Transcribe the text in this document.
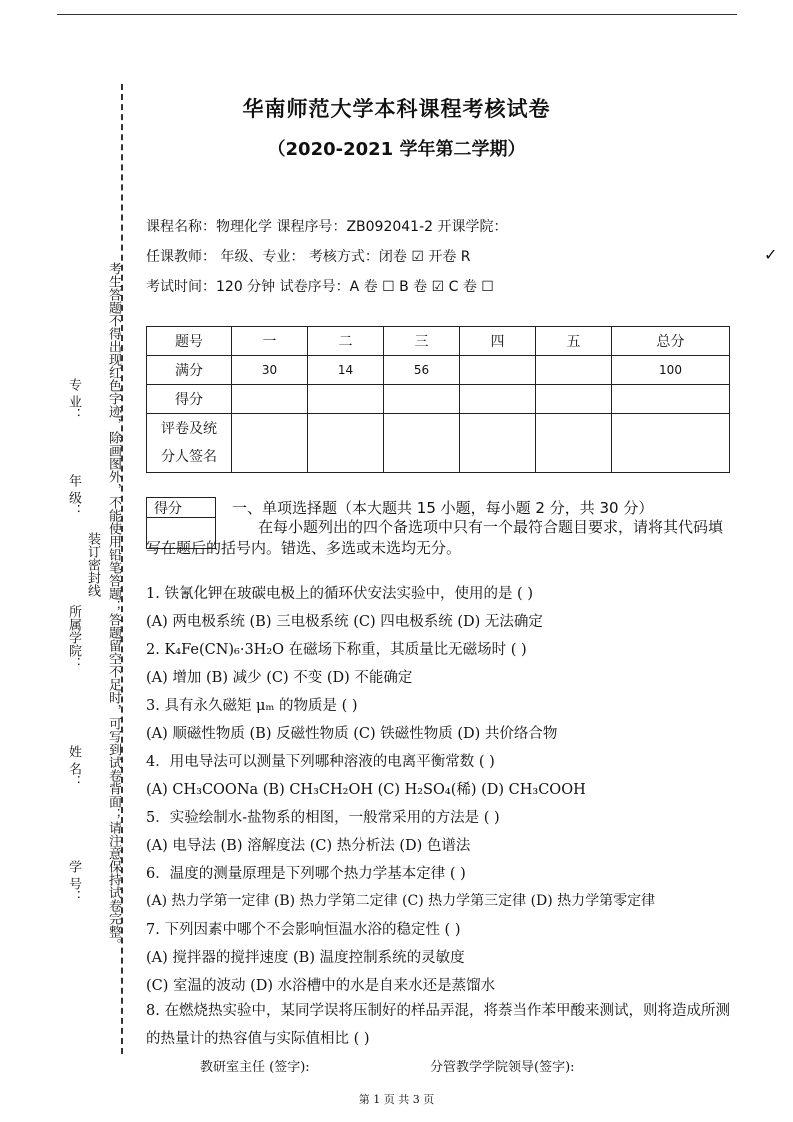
考生答题不得出现红色字迹，除画图外，不能使用铅笔答题；答题留空不足时，可写到试卷背面；请注意保持试卷完整。
装订密封线
专 业：
年 级：
所属学院：
姓 名：
学 号：
华南师范大学本科课程考核试卷
（2020-2021 学年第二学期）
课程名称：物理化学 课程序号：ZB092041-2 开课学院：
任课教师： 年级、专业： 考核方式：闭卷 ☑ 开卷 R
考试时间：120 分钟 试卷序号：A 卷 ☐ B 卷 ☑ C 卷 ☐
✓
题号	一	二	三	四	五	总分
满分	30	14	56			100
得分						
评卷及统
分人签名						
得分	一、单项选择题（本大题共 15 小题，每小题 2 分，共 30 分）
在每小题列出的四个备选项中只有一个最符合题目要求，请将其代码填写在题后的括号内。错选、多选或未选均无分。
1. 铁氰化钾在玻碳电极上的循环伏安法实验中，使用的是 ( )
(A) 两电极系统 (B) 三电极系统 (C) 四电极系统 (D) 无法确定
2. K₄Fe(CN)₆·3H₂O 在磁场下称重，其质量比无磁场时 ( )
(A) 增加 (B) 减少 (C) 不变 (D) 不能确定
3. 具有永久磁矩 μₘ 的物质是 ( )
(A) 顺磁性物质 (B) 反磁性物质 (C) 铁磁性物质 (D) 共价络合物
4．用电导法可以测量下列哪种溶液的电离平衡常数 ( )
(A) CH₃COONa (B) CH₃CH₂OH (C) H₂SO₄(稀) (D) CH₃COOH
5．实验绘制水-盐物系的相图，一般常采用的方法是 ( )
(A) 电导法 (B) 溶解度法 (C) 热分析法 (D) 色谱法
6．温度的测量原理是下列哪个热力学基本定律 ( )
(A) 热力学第一定律 (B) 热力学第二定律 (C) 热力学第三定律 (D) 热力学第零定律
7. 下列因素中哪个不会影响恒温水浴的稳定性 ( )
(A) 搅拌器的搅拌速度 (B) 温度控制系统的灵敏度
(C) 室温的波动 (D) 水浴槽中的水是自来水还是蒸馏水
8. 在燃烧热实验中，某同学误将压制好的样品弄混，将萘当作苯甲酸来测试，则将造成所测的热量计的热容值与实际值相比 ( )
教研室主任 (签字):	分管教学学院领导(签字):
第 1 页 共 3 页
